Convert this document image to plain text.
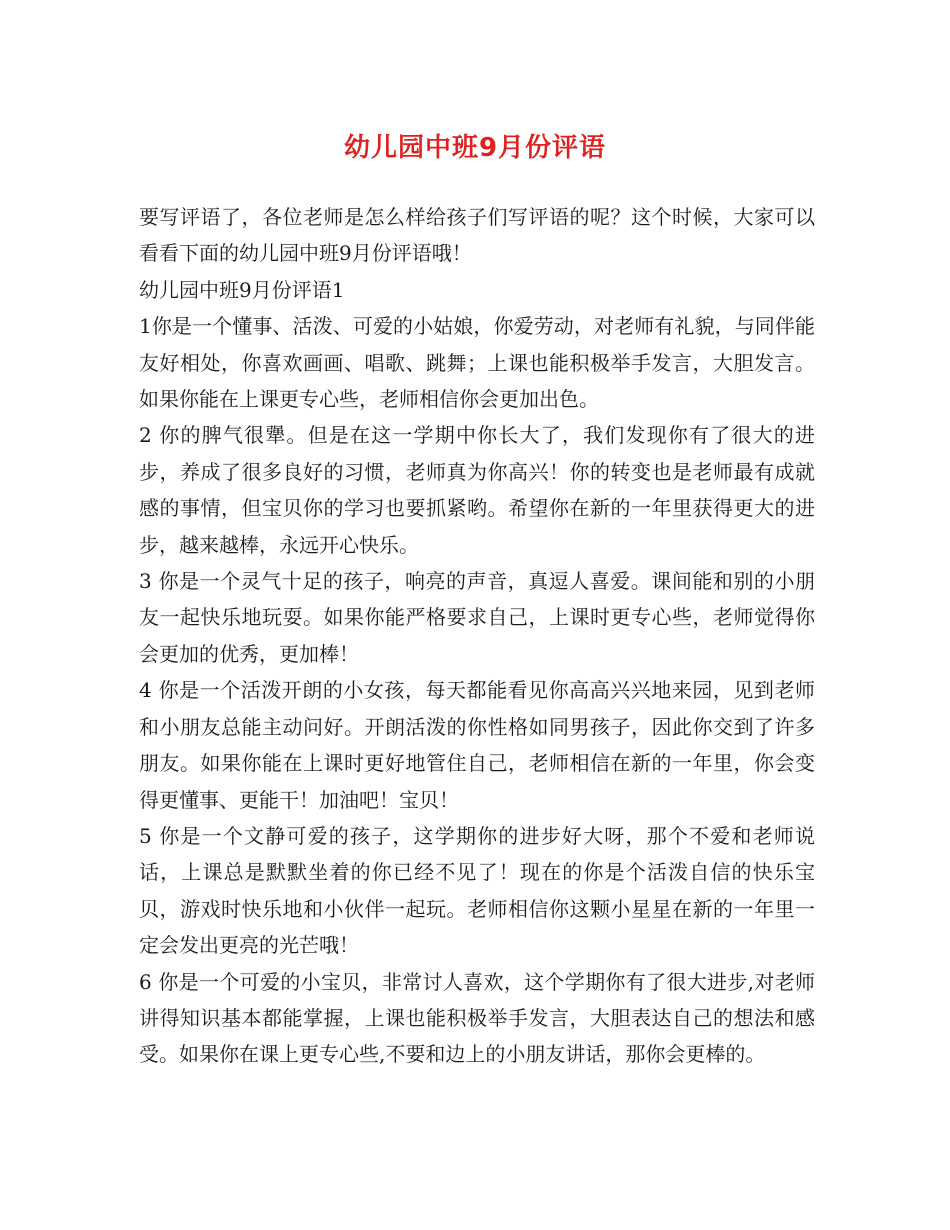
幼儿园中班9月份评语

要写评语了，各位老师是怎么样给孩子们写评语的呢？这个时候，大家可以看看下面的幼儿园中班9月份评语哦！

幼儿园中班9月份评语1

1你是一个懂事、活泼、可爱的小姑娘，你爱劳动，对老师有礼貌，与同伴能友好相处，你喜欢画画、唱歌、跳舞；上课也能积极举手发言，大胆发言。如果你能在上课更专心些，老师相信你会更加出色。

2 你的脾气很犟。但是在这一学期中你长大了，我们发现你有了很大的进步，养成了很多良好的习惯，老师真为你高兴！你的转变也是老师最有成就感的事情，但宝贝你的学习也要抓紧哟。希望你在新的一年里获得更大的进步，越来越棒，永远开心快乐。

3 你是一个灵气十足的孩子，响亮的声音，真逗人喜爱。课间能和别的小朋友一起快乐地玩耍。如果你能严格要求自己，上课时更专心些，老师觉得你会更加的优秀，更加棒！

4 你是一个活泼开朗的小女孩，每天都能看见你高高兴兴地来园，见到老师和小朋友总能主动问好。开朗活泼的你性格如同男孩子，因此你交到了许多朋友。如果你能在上课时更好地管住自己，老师相信在新的一年里，你会变得更懂事、更能干！加油吧！宝贝！

5 你是一个文静可爱的孩子，这学期你的进步好大呀，那个不爱和老师说话，上课总是默默坐着的你已经不见了！现在的你是个活泼自信的快乐宝贝，游戏时快乐地和小伙伴一起玩。老师相信你这颗小星星在新的一年里一定会发出更亮的光芒哦！

6 你是一个可爱的小宝贝，非常讨人喜欢，这个学期你有了很大进步,对老师讲得知识基本都能掌握，上课也能积极举手发言，大胆表达自己的想法和感受。如果你在课上更专心些,不要和边上的小朋友讲话，那你会更棒的。
